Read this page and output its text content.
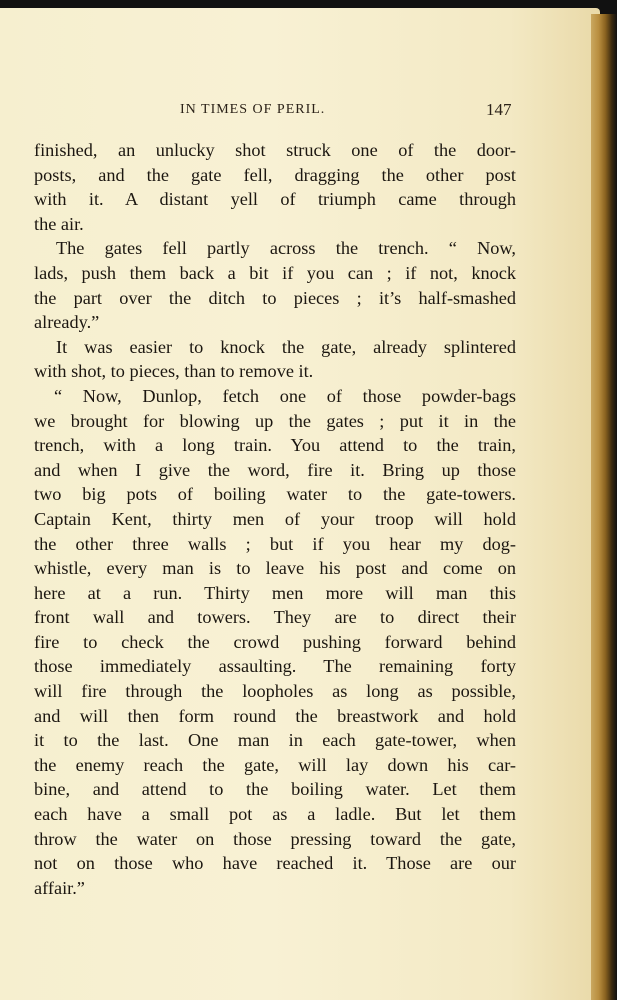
IN TIMES OF PERIL.	147
finished, an unlucky shot struck one of the door-
posts, and the gate fell, dragging the other post
with it. A distant yell of triumph came through
the air.
The gates fell partly across the trench. “ Now,
lads, push them back a bit if you can ; if not, knock
the part over the ditch to pieces ; it’s half-smashed
already.”
It was easier to knock the gate, already splintered
with shot, to pieces, than to remove it.
“ Now, Dunlop, fetch one of those powder-bags
we brought for blowing up the gates ; put it in the
trench, with a long train. You attend to the train,
and when I give the word, fire it. Bring up those
two big pots of boiling water to the gate-towers.
Captain Kent, thirty men of your troop will hold
the other three walls ; but if you hear my dog-
whistle, every man is to leave his post and come on
here at a run. Thirty men more will man this
front wall and towers. They are to direct their
fire to check the crowd pushing forward behind
those immediately assaulting. The remaining forty
will fire through the loopholes as long as possible,
and will then form round the breastwork and hold
it to the last. One man in each gate-tower, when
the enemy reach the gate, will lay down his car-
bine, and attend to the boiling water. Let them
each have a small pot as a ladle. But let them
throw the water on those pressing toward the gate,
not on those who have reached it. Those are our
affair.”
